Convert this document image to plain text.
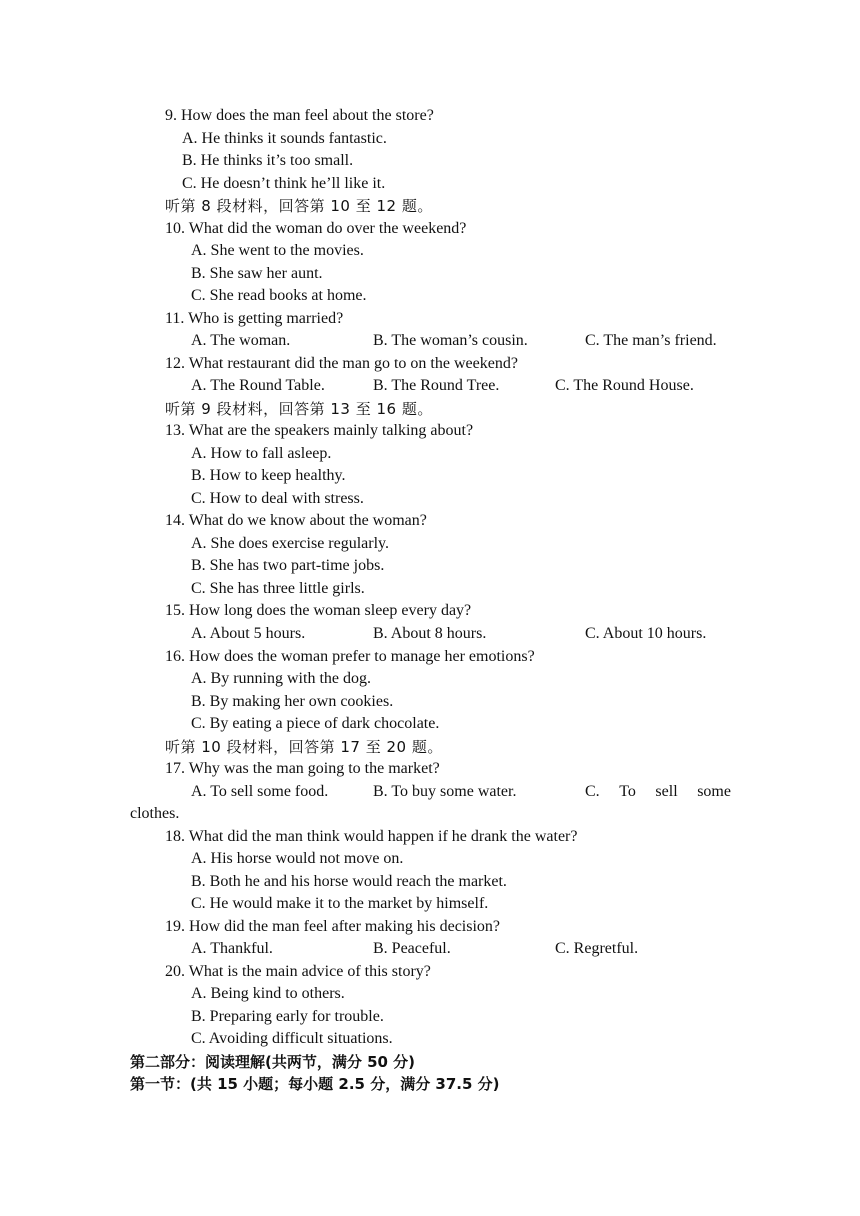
9. How does the man feel about the store?
A. He thinks it sounds fantastic.
B. He thinks it’s too small.
C. He doesn’t think he’ll like it.
听第 8 段材料，回答第 10 至 12 题。
10. What did the woman do over the weekend?
A. She went to the movies.
B. She saw her aunt.
C. She read books at home.
11. Who is getting married?
A. The woman.	B. The woman’s cousin.	C. The man’s friend.
12. What restaurant did the man go to on the weekend?
A. The Round Table.	B. The Round Tree.	C. The Round House.
听第 9 段材料，回答第 13 至 16 题。
13. What are the speakers mainly talking about?
A. How to fall asleep.
B. How to keep healthy.
C. How to deal with stress.
14. What do we know about the woman?
A. She does exercise regularly.
B. She has two part-time jobs.
C. She has three little girls.
15. How long does the woman sleep every day?
A. About 5 hours.	B. About 8 hours.	C. About 10 hours.
16. How does the woman prefer to manage her emotions?
A. By running with the dog.
B. By making her own cookies.
C. By eating a piece of dark chocolate.
听第 10 段材料，回答第 17 至 20 题。
17. Why was the man going to the market?
A. To sell some food.	B. To buy some water.	C. To sell some
clothes.
18. What did the man think would happen if he drank the water?
A. His horse would not move on.
B. Both he and his horse would reach the market.
C. He would make it to the market by himself.
19. How did the man feel after making his decision?
A. Thankful.	B. Peaceful.	C. Regretful.
20. What is the main advice of this story?
A. Being kind to others.
B. Preparing early for trouble.
C. Avoiding difficult situations.
第二部分：阅读理解(共两节，满分 50 分)
第一节：(共 15 小题；每小题 2.5 分，满分 37.5 分)
